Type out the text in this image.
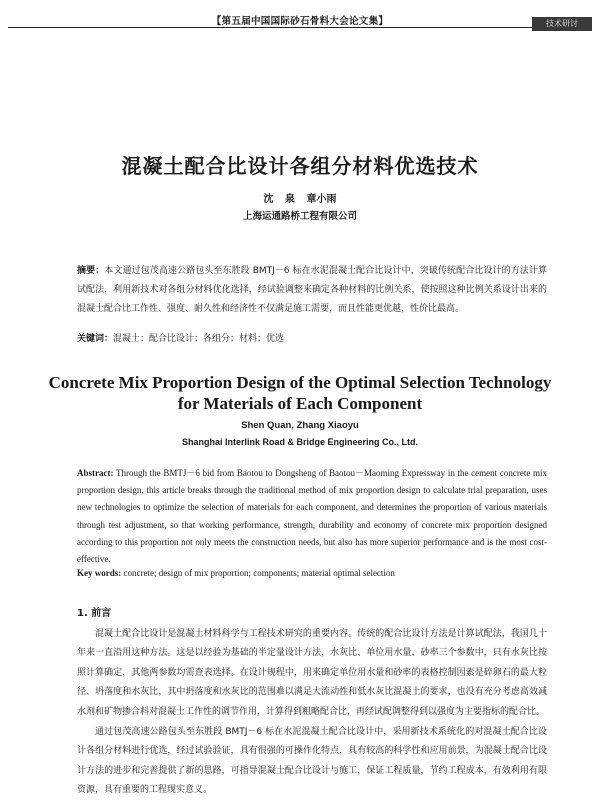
【第五届中国国际砂石骨料大会论文集】	技术研讨
混凝土配合比设计各组分材料优选技术
沈 泉 章小雨
上海运通路桥工程有限公司
摘要：本文通过包茂高速公路包头至东胜段 BMTJ－6 标在水泥混凝土配合比设计中，突破传统配合比设计的方法计算试配法，利用新技术对各组分材料优化选择，经试验调整来确定各种材料的比例关系，使按照这种比例关系设计出来的混凝土配合比工作性、强度、耐久性和经济性不仅满足施工需要，而且性能更优越，性价比最高。
关键词：混凝土；配合比设计；各组分；材料；优选
Concrete Mix Proportion Design of the Optimal Selection Technology for Materials of Each Component
Shen Quan, Zhang Xiaoyu
Shanghai Interlink Road & Bridge Engineering Co., Ltd.
Abstract: Through the BMTJ－6 bid from Baotou to Dongsheng of Baotou－Maoming Expressway in the cement concrete mix proportion design, this article breaks through the traditional method of mix proportion design to calculate trial preparation, uses new technologies to optimize the selection of materials for each component, and determines the proportion of various materials through test adjustment, so that working performance, strength, durability and economy of concrete mix proportion designed according to this proportion not only meets the construction needs, but also has more superior performance and is the most cost-effective.
Key words: concrete; design of mix proportion; components; material optimal selection
1. 前言
混凝土配合比设计是混凝土材料科学与工程技术研究的重要内容。传统的配合比设计方法是计算试配法，我国几十年来一直沿用这种方法。这是以经验为基础的半定量设计方法，水灰比、单位用水量、砂率三个参数中，只有水灰比按照计算确定，其他两参数均需查表选择。在设计规程中，用来确定单位用水量和砂率的表格控制因素是碎卵石的最大粒径、坍落度和水灰比，其中坍落度和水灰比的范围难以满足大流动性和低水灰比混凝土的要求，也没有充分考虑高效减水剂和矿物掺合料对混凝土工作性的调节作用，计算得到粗略配合比，再经试配调整得到以强度为主要指标的配合比。
通过包茂高速公路包头至东胜段 BMTJ－6 标在水泥混凝土配合比设计中，采用新技术系统化的对混凝土配合比设计各组分材料进行优选，经过试验验证，具有很强的可操作化特点，具有较高的科学性和应用前景，为混凝土配合比设计方法的进步和完善提供了新的思路，可指导混凝土配合比设计与施工，保证工程质量，节约工程成本，有效利用有限资源，具有重要的工程现实意义。
